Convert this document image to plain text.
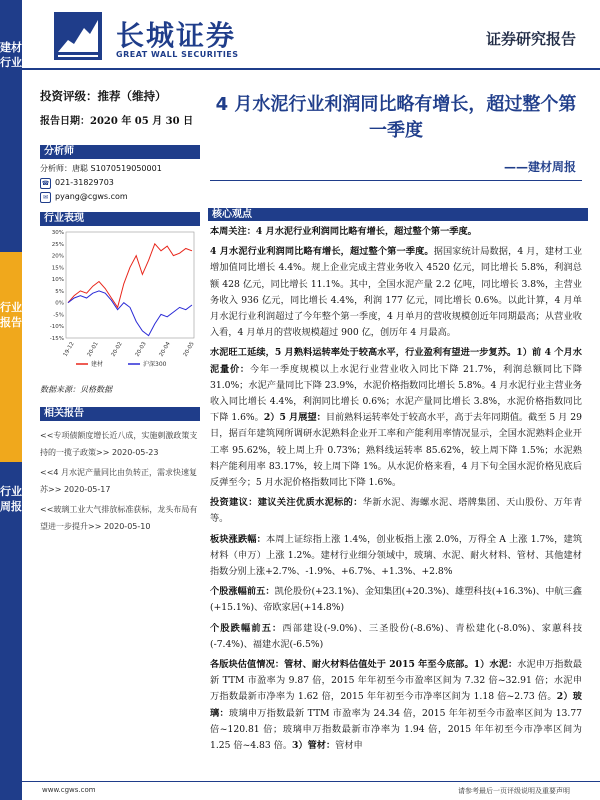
建材行业
行业报告
行业周报
长城证券
GREAT WALL SECURITIES
证券研究报告
投资评级：推荐（维持）
报告日期：2020 年 05 月 30 日
分析师
分析师：唐聪 S1070519050001
☎ 021-31829703
✉ pyang@cgws.com
行业表现
30%
25%
20%
15%
10%
5%
0%
-5%
-10%
-15%
19-12 20-01 20-02 20-03 20-04 20-05
建材	沪深300
数据来源：贝格数据
相关报告
<<专项债额度增长近八成，实施刺激政策支持的一揽子政策>> 2020-05-23
<<4 月水泥产量同比由负转正，需求快速复苏>> 2020-05-17
<<玻璃工业大气排放标准获标，龙头布局有望进一步提升>> 2020-05-10
4 月水泥行业利润同比略有增长，超过整个第一季度
——建材周报
核心观点

本周关注：4 月水泥行业利润同比略有增长，超过整个第一季度。

4 月水泥行业利润同比略有增长，超过整个第一季度。据国家统计局数据，4 月，建材工业增加值同比增长 4.4%。规上企业完成主营业务收入 4520 亿元，同比增长 5.8%，利润总额 428 亿元，同比增长 11.1%。其中，全国水泥产量 2.2 亿吨，同比增长 3.8%，主营业务收入 936 亿元，同比增长 4.4%，利润 177 亿元，同比增长 0.6%。以此计算，4 月单月水泥行业利润超过了今年整个第一季度，4 月单月的营收规模创近年同期最高；从营业收入看，4 月单月的营收规模超过 900 亿，创历年 4 月最高。

水泥旺工延续，5 月熟料运转率处于较高水平，行业盈利有望进一步复苏。1）前 4 个月水泥量价：今年一季度规模以上水泥行业营业收入同比下降 21.7%，利润总额同比下降 31.0%；水泥产量同比下降 23.9%，水泥价格指数同比增长 5.8%。4 月水泥行业主营业务收入同比增长 4.4%，利润同比增长 0.6%；水泥产量同比增长 3.8%，水泥价格指数同比下降 1.6%。2）5 月展望：目前熟料运转率处于较高水平，高于去年同期值。截至 5 月 29 日，据百年建筑网所调研水泥熟料企业开工率和产能利用率情况显示，全国水泥熟料企业开工率 95.62%，较上周上升 0.73%；熟料线运转率 85.62%，较上周下降 1.5%；水泥熟料产能利用率 83.17%，较上周下降 1%。从水泥价格来看，4 月下旬全国水泥价格见底后反弹至今；5 月水泥价格指数同比下降 1.6%。

投资建议：建议关注优质水泥标的：华新水泥、海螺水泥、塔牌集团、天山股份、万年青等。

板块涨跌幅：本周上证综指上涨 1.4%，创业板指上涨 2.0%，万得全 A 上涨 1.7%，建筑材料（申万）上涨 1.2%。建材行业细分领域中，玻璃、水泥、耐火材料、管材、其他建材指数分别上涨+2.7%、-1.9%、+6.7%、+1.3%、+2.8%

个股涨幅前五：凯伦股份(+23.1%)、金知集团(+20.3%)、雄塑科技(+16.3%)、中航三鑫(+15.1%)、帝欧家居(+14.8%)

个股跌幅前五：西部建设(-9.0%)、三圣股份(-8.6%)、青松建化(-8.0%)、家蕙科技(-7.4%)、福建水泥(-6.5%)

各版块估值情况：管材、耐火材料估值处于 2015 年至今底部。1）水泥：水泥申万指数最新 TTM 市盈率为 9.87 倍，2015 年年初至今市盈率区间为 7.32 倍~32.91 倍；水泥申万指数最新市净率为 1.62 倍，2015 年年初至今市净率区间为 1.18 倍~2.73 倍。2）玻璃：玻璃申万指数最新 TTM 市盈率为 24.34 倍，2015 年年初至今市盈率区间为 13.77 倍~120.81 倍；玻璃申万指数最新市净率为 1.94 倍，2015 年年初至今市净率区间为 1.25 倍~4.83 倍。3）管材：管材申

www.cgws.com	请参考最后一页评级说明及重要声明
